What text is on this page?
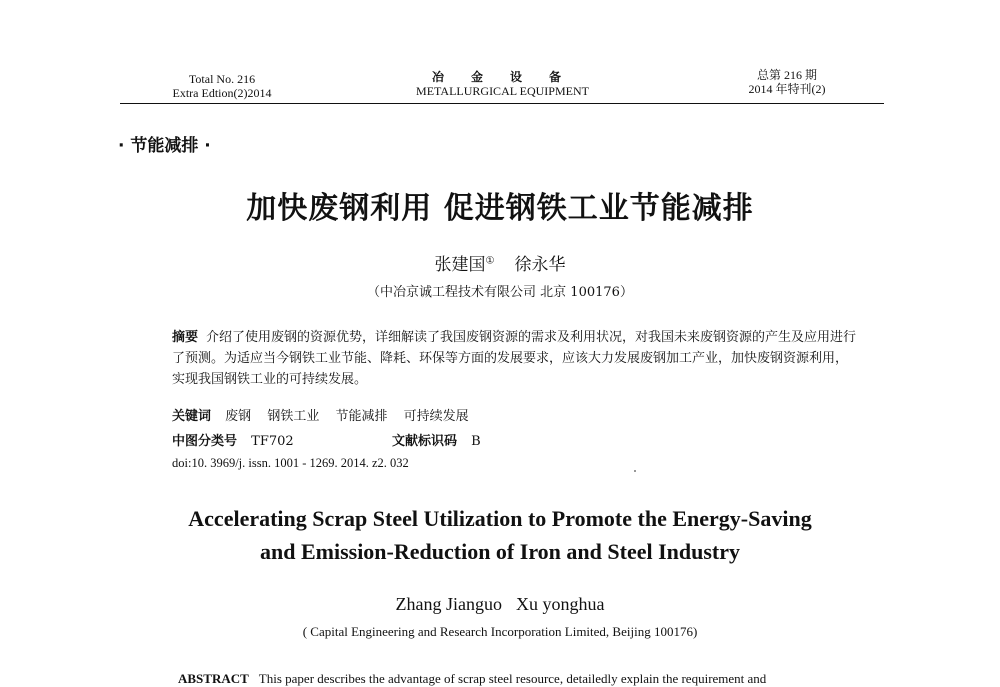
Total No. 216
Extra Edtion(2)2014
冶 金 设 备
METALLURGICAL EQUIPMENT
总第 216 期
2014 年特刊(2)
· 节能减排 ·
加快废钢利用 促进钢铁工业节能减排
张建国① 徐永华
（中冶京诚工程技术有限公司 北京 100176）
摘要 介绍了使用废钢的资源优势，详细解读了我国废钢资源的需求及利用状况，对我国未来废钢资源的产生及应用进行了预测。为适应当今钢铁工业节能、降耗、环保等方面的发展要求，应该大力发展废钢加工产业，加快废钢资源利用，实现我国钢铁工业的可持续发展。
关键词 废钢 钢铁工业 节能减排 可持续发展
中图分类号 TF702	文献标识码 B
doi:10. 3969/j. issn. 1001 - 1269. 2014. z2. 032
Accelerating Scrap Steel Utilization to Promote the Energy-Saving
and Emission-Reduction of Iron and Steel Industry
Zhang Jianguo Xu yonghua
( Capital Engineering and Research Incorporation Limited, Beijing 100176)
ABSTRACT This paper describes the advantage of scrap steel resource, detailedly explain the requirement and
